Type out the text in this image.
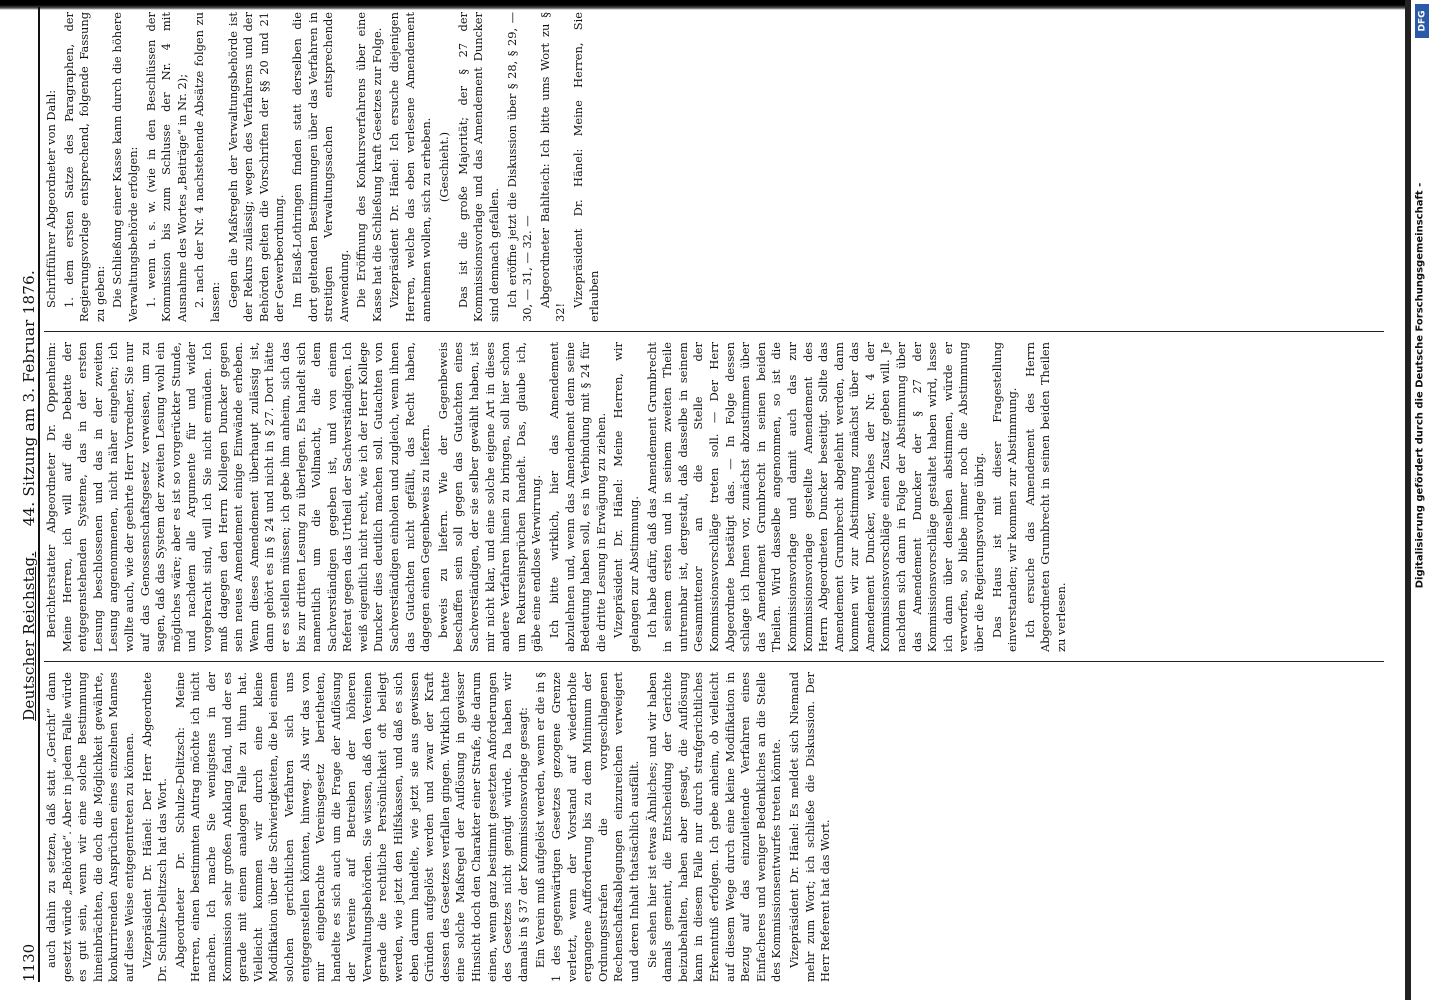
1130
Deutscher Reichstag.     44. Sitzung am 3. Februar 1876.

auch dahin zu setzen, daß statt „Gericht“ dann gesetzt würde „Behörde“. Aber in jedem Falle würde es gut sein, wenn wir eine solche Bestimmung hineinbrächten, die doch die Möglichkeit gewährte, konkurrirenden Ansprüchen eines einzelnen Mannes auf diese Weise entgegentreten zu können. Vizepräsident Dr. Hänel: Der Herr Abgeordnete Dr. Schulze-Delitzsch hat das Wort. Abgeordneter Dr. Schulze-Delitzsch: Meine Herren, einen bestimmten Antrag möchte ich nicht machen. Ich mache Sie wenigstens in der Kommission sehr großen Anklang fand, und der es gerade mit einem analogen Falle zu thun hat. Vielleicht kommen wir durch eine kleine Modifikation über die Schwierigkeiten, die bei einem solchen gerichtlichen Verfahren sich uns entgegenstellen könnten, hinweg. Als wir das von mir eingebrachte Vereinsgesetz berietheten, handelte es sich auch um die Frage der Auflösung der Vereine auf Betreiben der höheren Verwaltungsbehörden. Sie wissen, daß den Vereinen gerade die rechtliche Persönlichkeit oft beilegt werden, wie jetzt den Hilfskassen, und daß es sich eben darum handelte, wie jetzt sie aus gewissen Gründen aufgelöst werden und zwar der Kraft dessen des Gesetzes verfallen gingen. Wirklich hatte eine solche Maßregel der Auflösung in gewisser Hinsicht doch den Charakter einer Strafe, die darum einen, wenn ganz bestimmt gesetzten Anforderungen des Gesetzes nicht genügt würde. Da haben wir damals in § 37 der Kommissionsvorlage gesagt: Ein Verein muß aufgelöst werden, wenn er die in § 1 des gegenwärtigen Gesetzes gezogene Grenze verletzt, wenn der Vorstand auf wiederholte ergangene Aufforderung bis zu dem Minimum der Ordnungsstrafen die vorgeschlagenen Rechenschaftsablegungen einzureichen verweigert und deren Inhalt thatsächlich ausfällt. Sie sehen hier ist etwas Ähnliches; und wir haben damals gemeint, die Entscheidung der Gerichte beizubehalten, haben aber gesagt, die Auflösung kann in diesem Falle nur durch strafgerichtliches Erkenntniß erfolgen. Ich gebe anheim, ob vielleicht auf diesem Wege durch eine kleine Modifikation in Bezug auf das einzuleitende Verfahren eines Einfacheres und weniger Bedenkliches an die Stelle des Kommissionsentwurfes treten könnte. Vizepräsident Dr. Hänel: Es meldet sich Niemand mehr zum Wort; ich schließe die Diskussion. Der Herr Referent hat das Wort.

Berichterstatter Abgeordneter Dr. Oppenheim: Meine Herren, ich will auf die Debatte der entgegenstehenden Systeme, das in der ersten Lesung beschlossenen und das in der zweiten Lesung angenommenen, nicht näher eingehen; ich wollte auch, wie der geehrte Herr Vorredner, Sie nur auf das Genossenschaftsgesetz verweisen, um zu sagen, daß das System der zweiten Lesung wohl ein mögliches wäre; aber es ist so vorgerückter Stunde, und nachdem alle Argumente für und wider vorgebracht sind, will ich Sie nicht ermüden. Ich muß dagegen den Herrn Kollegen Duncker gegen sein neues Amendement einige Einwände erheben. Wenn dieses Amendement überhaupt zulässig ist, dann gehört es in § 24 und nicht in § 27. Dort hätte er es stellen müssen; ich gebe ihm anheim, sich das bis zur dritten Lesung zu überlegen. Es handelt sich namentlich um die Vollmacht, die dem Sachverständigen gegeben ist, und von einem Referat gegen das Urtheil der Sachverständigen. Ich weiß eigentlich nicht recht, wie ich der Herr Kollege Duncker dies deutlich machen soll. Gutachten von Sachverständigen einholen und zugleich, wenn ihnen das Gutachten nicht gefällt, das Recht haben, dagegen einen Gegenbeweis zu liefern. beweis zu liefern. Wie der Gegenbeweis beschaffen sein soll gegen das Gutachten eines Sachverständigen, der sie selber gewählt haben, ist mir nicht klar, und eine solche eigene Art in dieses andere Verfahren hinein zu bringen, soll hier schon um Rekurseinsprüchen handelt. Das, glaube ich, gäbe eine endlose Verwirrung. Ich bitte wirklich, hier das Amendement abzulehnen und, wenn das Amendement denn seine Bedeutung haben soll, es in Verbindung mit § 24 für die dritte Lesung in Erwägung zu ziehen. Vizepräsident Dr. Hänel: Meine Herren, wir gelangen zur Abstimmung. Ich habe dafür, daß das Amendement Grumbrecht in seinem ersten und in seinem zweiten Theile untrennbar ist, dergestalt, daß dasselbe in seinem Gesammttenor an die Stelle der Kommissionsvorschläge treten soll. — Der Herr Abgeordnete bestätigt das. — In Folge dessen schlage ich Ihnen vor, zunächst abzustimmen über das Amendement Grumbrecht in seinen beiden Theilen. Wird dasselbe angenommen, so ist die Kommissionsvorlage und damit auch das zur Kommissionsvorlage gestellte Amendement des Herrn Abgeordneten Duncker beseitigt. Sollte das Amendement Grumbrecht abgelehnt werden, dann kommen wir zur Abstimmung zunächst über das Amendement Duncker, welches der Nr. 4 der Kommissionsvorschläge einen Zusatz geben will. Je nachdem sich dann in Folge der Abstimmung über das Amendement Duncker der § 27 der Kommissionsvorschläge gestaltet haben wird, lasse ich dann über denselben abstimmen, würde er verworfen, so bliebe immer noch die Abstimmung über die Regierungsvorlage übrig. Das Haus ist mit dieser Fragestellung einverstanden; wir kommen zur Abstimmung. Ich ersuche das Amendement des Herrn Abgeordneten Grumbrecht in seinen beiden Theilen zu verlesen.

Schriftführer Abgeordneter von Dahl: 1. dem ersten Satze des Paragraphen, der Regierungsvorlage entsprechend, folgende Fassung zu geben: Die Schließung einer Kasse kann durch die höhere Verwaltungsbehörde erfolgen: 1. wenn u. s. w. (wie in den Beschlüssen der Kommission bis zum Schlusse der Nr. 4 mit Ausnahme des Wortes „Beiträge“ in Nr. 2); 2. nach der Nr. 4 nachstehende Absätze folgen zu lassen: Gegen die Maßregeln der Verwaltungsbehörde ist der Rekurs zulässig; wegen des Verfahrens und der Behörden gelten die Vorschriften der §§ 20 und 21 der Gewerbeordnung. Im Elsaß-Lothringen finden statt derselben die dort geltenden Bestimmungen über das Verfahren in streitigen Verwaltungssachen entsprechende Anwendung. Die Eröffnung des Konkursverfahrens über eine Kasse hat die Schließung kraft Gesetzes zur Folge. Vizepräsident Dr. Hänel: Ich ersuche diejenigen Herren, welche das eben verlesene Amendement annehmen wollen, sich zu erheben. (Geschieht.) Das ist die große Majorität; der § 27 der Kommissionsvorlage und das Amendement Duncker sind demnach gefallen. Ich eröffne jetzt die Diskussion über § 28, § 29, — 30, — 31, — 32. — Abgeordneter Bahlteich: Ich bitte ums Wort zu § 32!

Vizepräsident Dr. Hänel: Meine Herren, Sie erlauben

DFG
Digitalisierung gefördert durch die Deutsche Forschungsgemeinschaft -
